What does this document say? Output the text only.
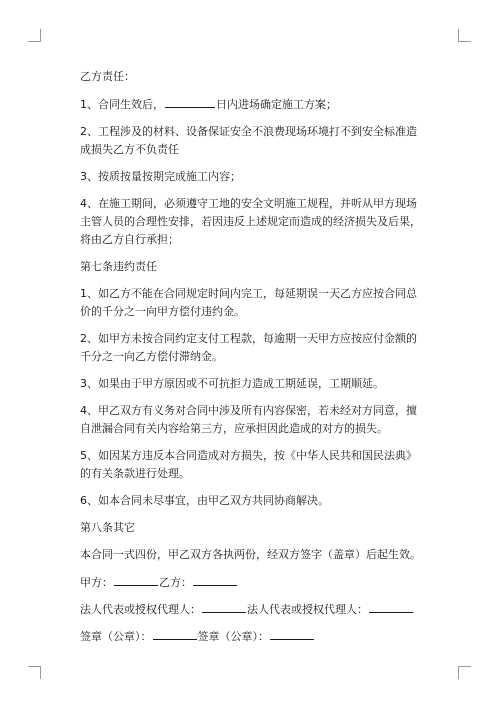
乙方责任：

1、合同生效后，	日内进场确定施工方案；

2、工程涉及的材料、设备保证安全不浪费现场环境打不到安全标准造成损失乙方不负责任

3、按质按量按期完成施工内容；

4、在施工期间，必须遵守工地的安全文明施工规程，并听从甲方现场主管人员的合理性安排，若因违反上述规定而造成的经济损失及后果，将由乙方自行承担；

第七条违约责任

1、如乙方不能在合同规定时间内完工，每延期误一天乙方应按合同总价的千分之一向甲方偿付违约金。

2、如甲方未按合同约定支付工程款，每逾期一天甲方应按应付金额的千分之一向乙方偿付滞纳金。

3、如果由于甲方原因或不可抗拒力造成工期延误，工期顺延。

4、甲乙双方有义务对合同中涉及所有内容保密，若未经对方同意，擅自泄漏合同有关内容给第三方，应承担因此造成的对方的损失。

5、如因某方违反本合同造成对方损失，按《中华人民共和国民法典》的有关条款进行处理。

6、如本合同未尽事宜，由甲乙双方共同协商解决。

第八条其它

本合同一式四份，甲乙双方各执两份，经双方签字（盖章）后起生效。

甲方：	乙方：

法人代表或授权代理人：	法人代表或授权代理人：

签章（公章）：	签章（公章）：
